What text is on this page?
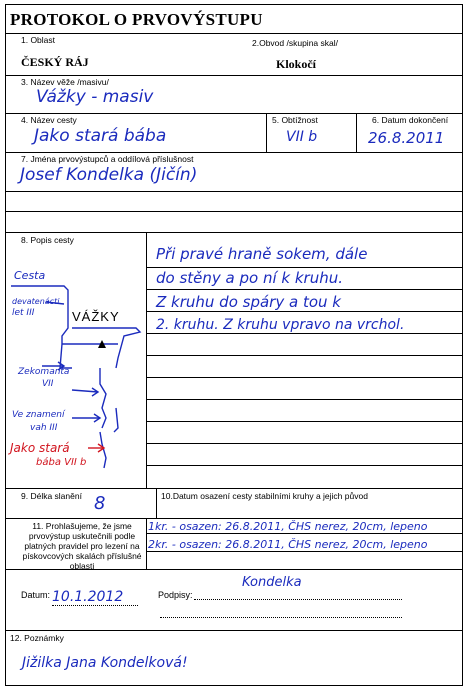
PROTOKOL O PRVOVÝSTUPU
1. Oblast
ČESKÝ RÁJ
2.Obvod /skupina skal/
Klokočí
3. Název věže /masivu/
Vážky - masiv
4. Název cesty
Jako stará bába
5. Obtížnost
VII b
6. Datum dokončení
26.8.2011
7. Jména prvovýstupců a oddílová příslušnost
Josef Kondelka (Jičín)
8. Popis cesty
Při pravé hraně sokem, dále
do stěny a po ní k kruhu.
Z kruhu do spáry a tou k
2. kruhu. Z kruhu vpravo na vrchol.
Cesta
devatenácti
let III	VÁŽKY
Zekomanta
VII
Ve znamení
vah III
Jako stará
bába VII b
9. Délka slanění 8	10.Datum osazení cesty stabilními kruhy a jejich původ
11. Prohlašujeme, že jsme prvovýstup uskutečnili podle platných pravidel pro lezení na pískovcových skalách příslušné oblasti
1kr. - osazen: 26.8.2011, ČHS nerez, 20cm, lepeno
2kr. - osazen: 26.8.2011, ČHS nerez, 20cm, lepeno
Datum: 10.1.2012	Podpisy:
Kondelka
12. Poznámky
Jižilka Jana Kondelková!
